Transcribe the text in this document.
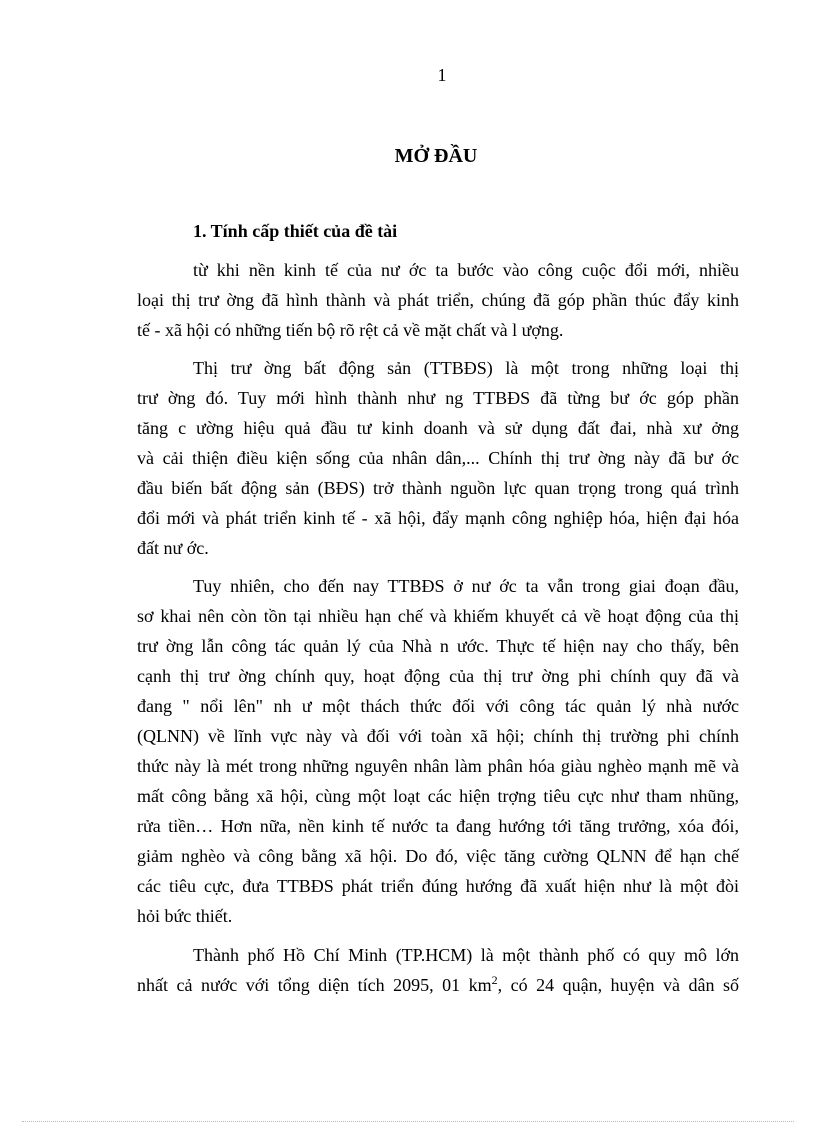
1
MỞ ĐẦU
1. Tính cấp thiết của đề tài
từ khi nền kinh tế của nư ớc ta bước vào công cuộc đổi mới, nhiều
loại thị trư ờng đã hình thành và phát triển, chúng đã góp phần thúc đẩy kinh
tế - xã hội có những tiến bộ rõ rệt cả về mặt chất và l ượng.
Thị trư ờng bất động sản (TTBĐS) là một trong những loại thị
trư ờng đó. Tuy mới hình thành như ng TTBĐS đã từng bư ớc góp phần
tăng c ường hiệu quả đầu tư kinh doanh và sử dụng đất đai, nhà xư ởng
và cải thiện điều kiện sống của nhân dân,... Chính thị trư ờng này đã bư ớc
đầu biến bất động sản (BĐS) trở thành nguồn lực quan trọng trong quá trình
đổi mới và phát triển kinh tế - xã hội, đẩy mạnh công nghiệp hóa, hiện đại hóa
đất nư ớc.
Tuy nhiên, cho đến nay TTBĐS ở nư ớc ta vẫn trong giai đoạn đầu,
sơ khai nên còn tồn tại nhiều hạn chế và khiếm khuyết cả về hoạt động của thị
trư ờng lẫn công tác quản lý của Nhà n ước. Thực tế hiện nay cho thấy, bên
cạnh thị trư ờng chính quy, hoạt động của thị trư ờng phi chính quy đã và
đang " nổi lên" nh ư một thách thức đối với công tác quản lý nhà nước
(QLNN) về lĩnh vực này và đối với toàn xã hội; chính thị trường phi chính
thức này là mét trong những nguyên nhân làm phân hóa giàu nghèo mạnh mẽ và
mất công bằng xã hội, cùng một loạt các hiện trợng tiêu cực như tham nhũng,
rửa tiền… Hơn nữa, nền kinh tế nước ta đang hướng tới tăng trưởng, xóa đói,
giảm nghèo và công bằng xã hội. Do đó, việc tăng cường QLNN để hạn chế
các tiêu cực, đưa TTBĐS phát triển đúng hướng đã xuất hiện như là một đòi
hỏi bức thiết.
Thành phố Hồ Chí Minh (TP.HCM) là một thành phố có quy mô lớn
nhất cả nước với tổng diện tích 2095, 01 $km^2$, có 24 quận, huyện và dân số
